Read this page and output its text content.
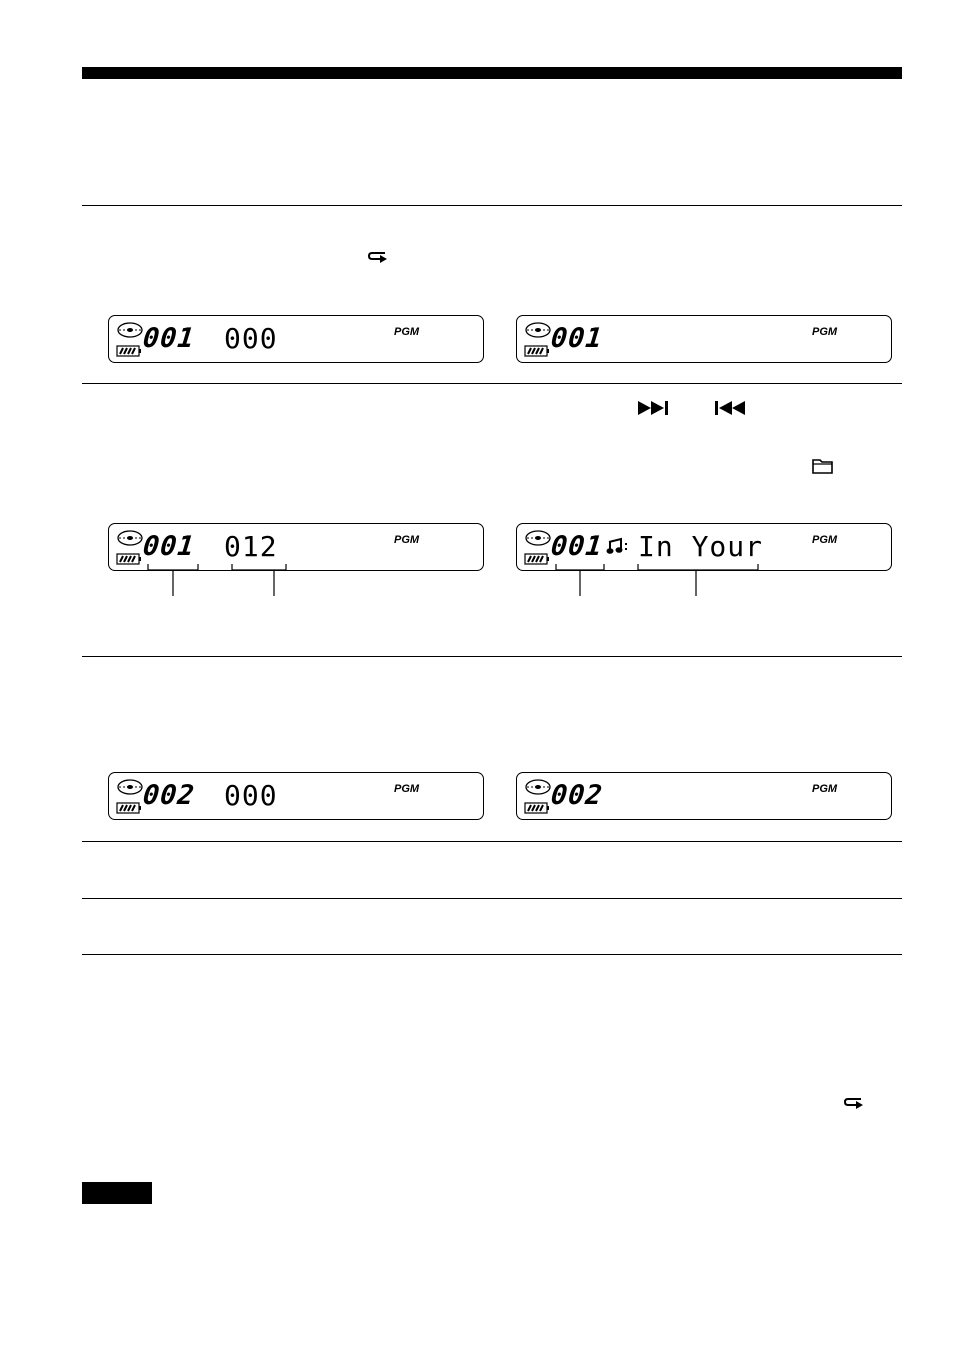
001 000	PGM	001	PGM
001 012	PGM	001 In Your	PGM
002 000	PGM	002	PGM
